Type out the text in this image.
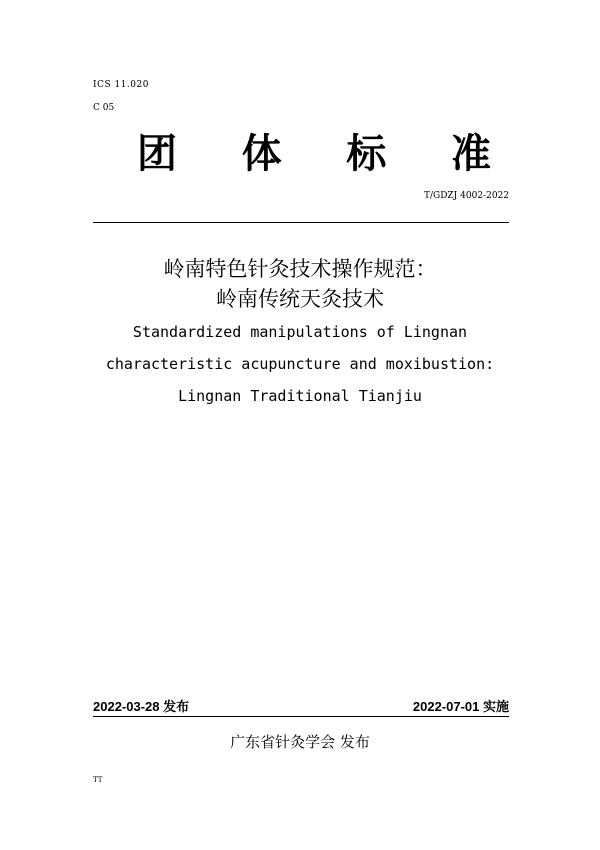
ICS 11.020
C 05
团 体 标 准
T/GDZJ 4002-2022
岭南特色针灸技术操作规范：
岭南传统天灸技术
Standardized manipulations of Lingnan
characteristic acupuncture and moxibustion:
Lingnan Traditional Tianjiu
2022-03-28 发布	2022-07-01 实施
广东省针灸学会 发布
TT
